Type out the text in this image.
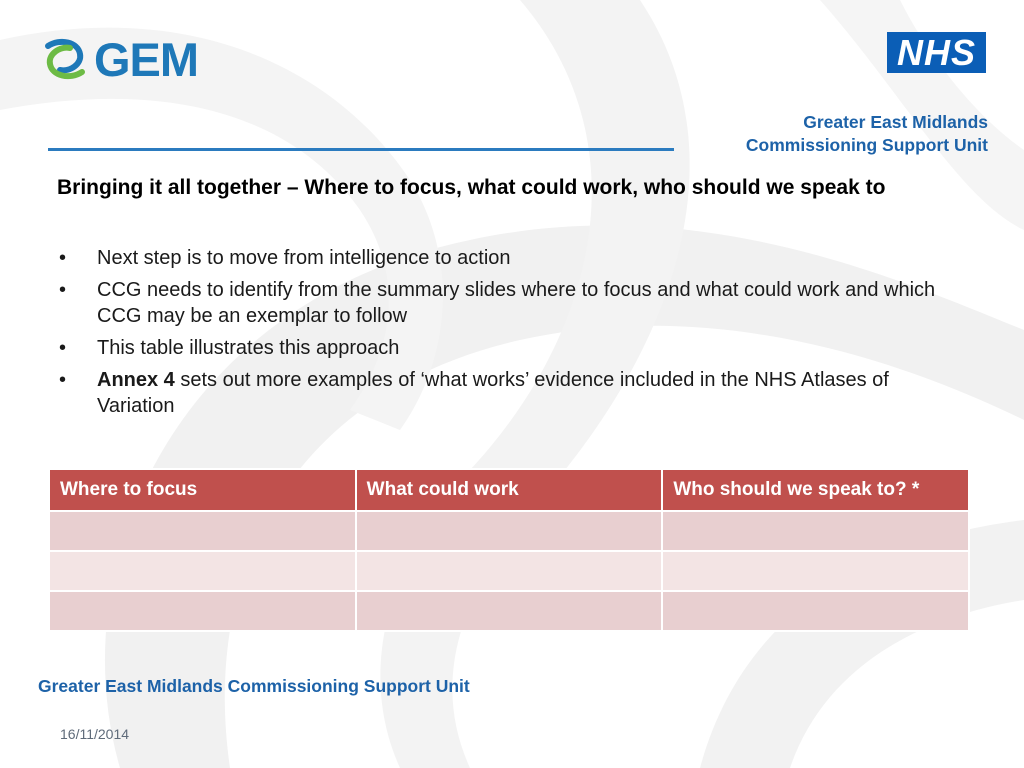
GEM	NHS
Greater East Midlands
Commissioning Support Unit
Bringing it all together – Where to focus, what could work, who should we speak to
• Next step is to move from intelligence to action
• CCG needs to identify from the summary slides where to focus and what could work and which CCG may be an exemplar to follow
• This table illustrates this approach
• Annex 4 sets out more examples of ‘what works’ evidence included in the NHS Atlases of Variation
Where to focus	What could work	Who should we speak to? *

Greater East Midlands Commissioning Support Unit
16/11/2014
